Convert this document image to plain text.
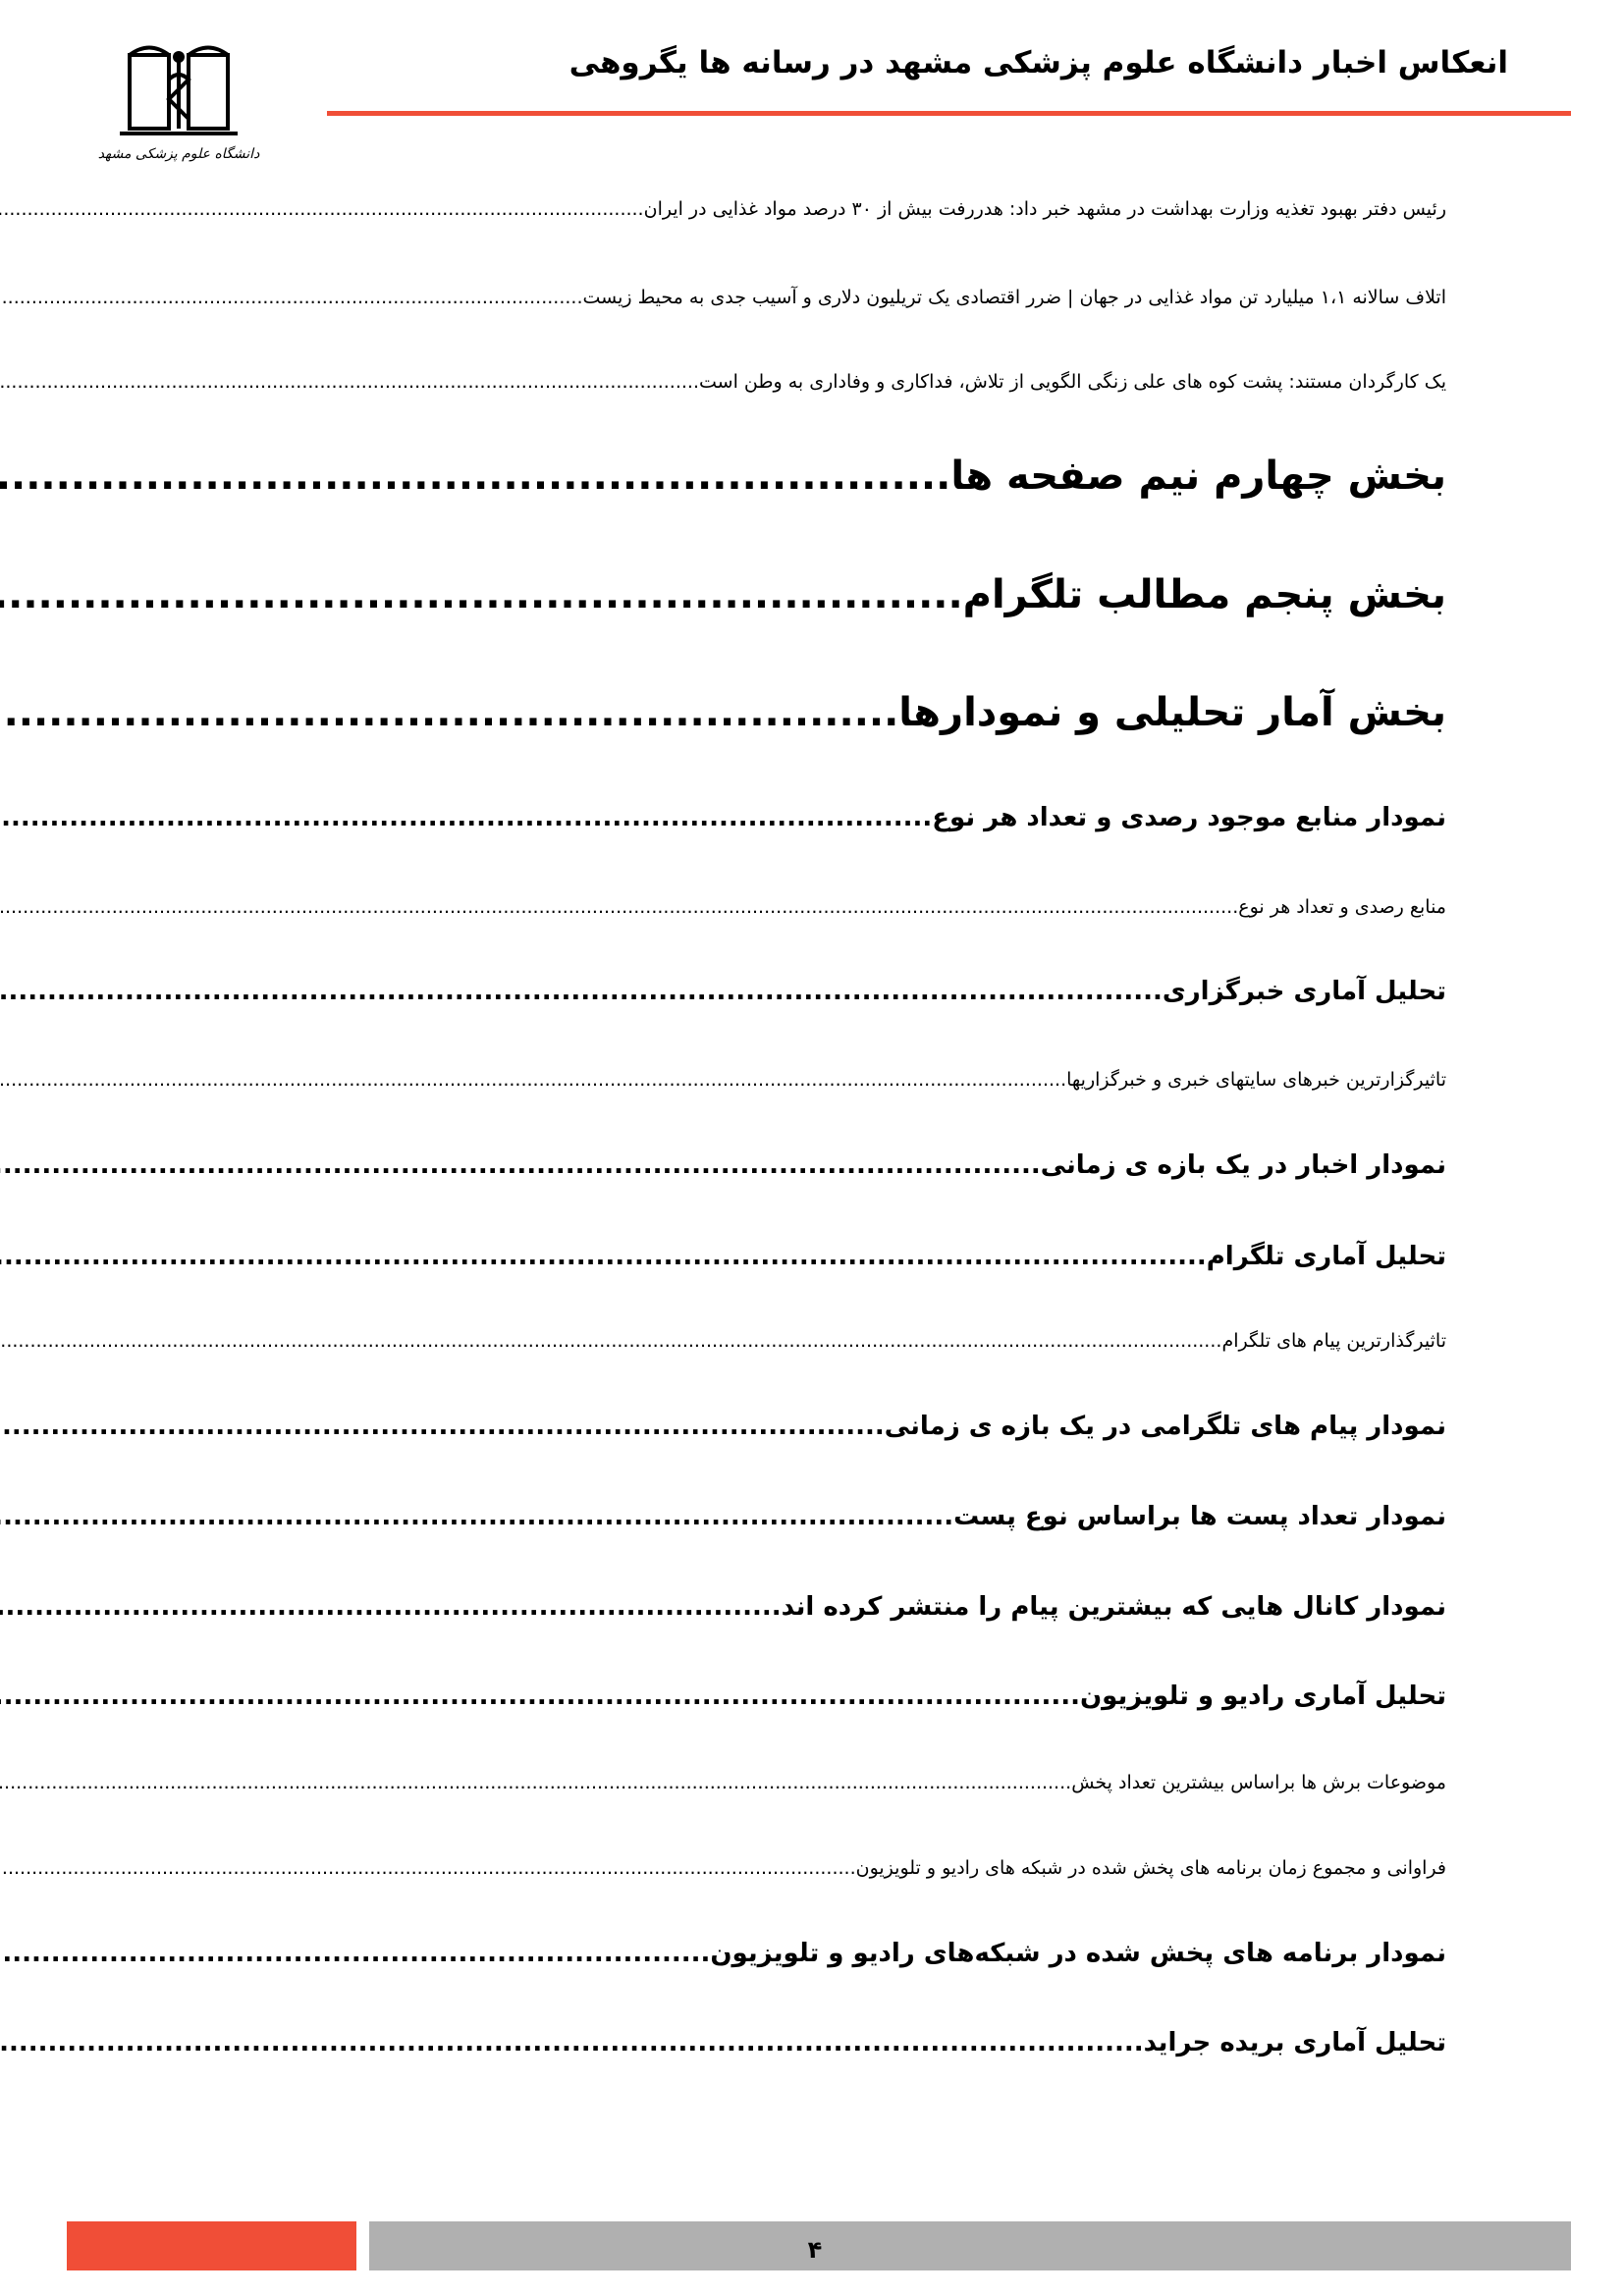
انعکاس اخبار دانشگاه علوم پزشکی مشهد در رسانه ها یگروهی
دانشگاه علوم پزشکی مشهد
رئیس دفتر بهبود تغذیه وزارت بهداشت در مشهد خبر داد: هدررفت بیش از ۳۰ درصد مواد غذایی در ایران
.....
اتلاف سالانه ۱،۱ میلیارد تن مواد غذایی در جهان | ضرر اقتصادی یک تریلیون دلاری و آسیب جدی به محیط زیست
.....
یک کارگردان مستند: پشت کوه های علی زنگی الگویی از تلاش، فداکاری و وفاداری به وطن است
.....
بخش چهارم نیم صفحه ها
.....
بخش پنجم مطالب تلگرام
.....
بخش آمار تحلیلی و نمودارها
.....
نمودار منابع موجود رصدی و تعداد هر نوع
.....
منابع رصدی و تعداد هر نوع
.....
تحلیل آماری خبرگزاری
.....
تاثیرگزارترین خبرهای سایتهای خبری و خبرگزاریها
.....
نمودار اخبار در یک بازه ی زمانی
.....
تحلیل آماری تلگرام
.....
تاثیرگذارترین پیام های تلگرام
.....
نمودار پیام های تلگرامی در یک بازه ی زمانی
.....
نمودار تعداد پست ها براساس نوع پست
.....
نمودار کانال هایی که بیشترین پیام را منتشر کرده اند
.....
تحلیل آماری رادیو و تلویزیون
.....
موضوعات برش ها براساس بیشترین تعداد پخش
.....
فراوانی و مجموع زمان برنامه های پخش شده در شبکه های رادیو و تلویزیون
.....
نمودار برنامه های پخش شده در شبکه‌های رادیو و تلویزیون
.....
تحلیل آماری بریده جراید
.....
۴
